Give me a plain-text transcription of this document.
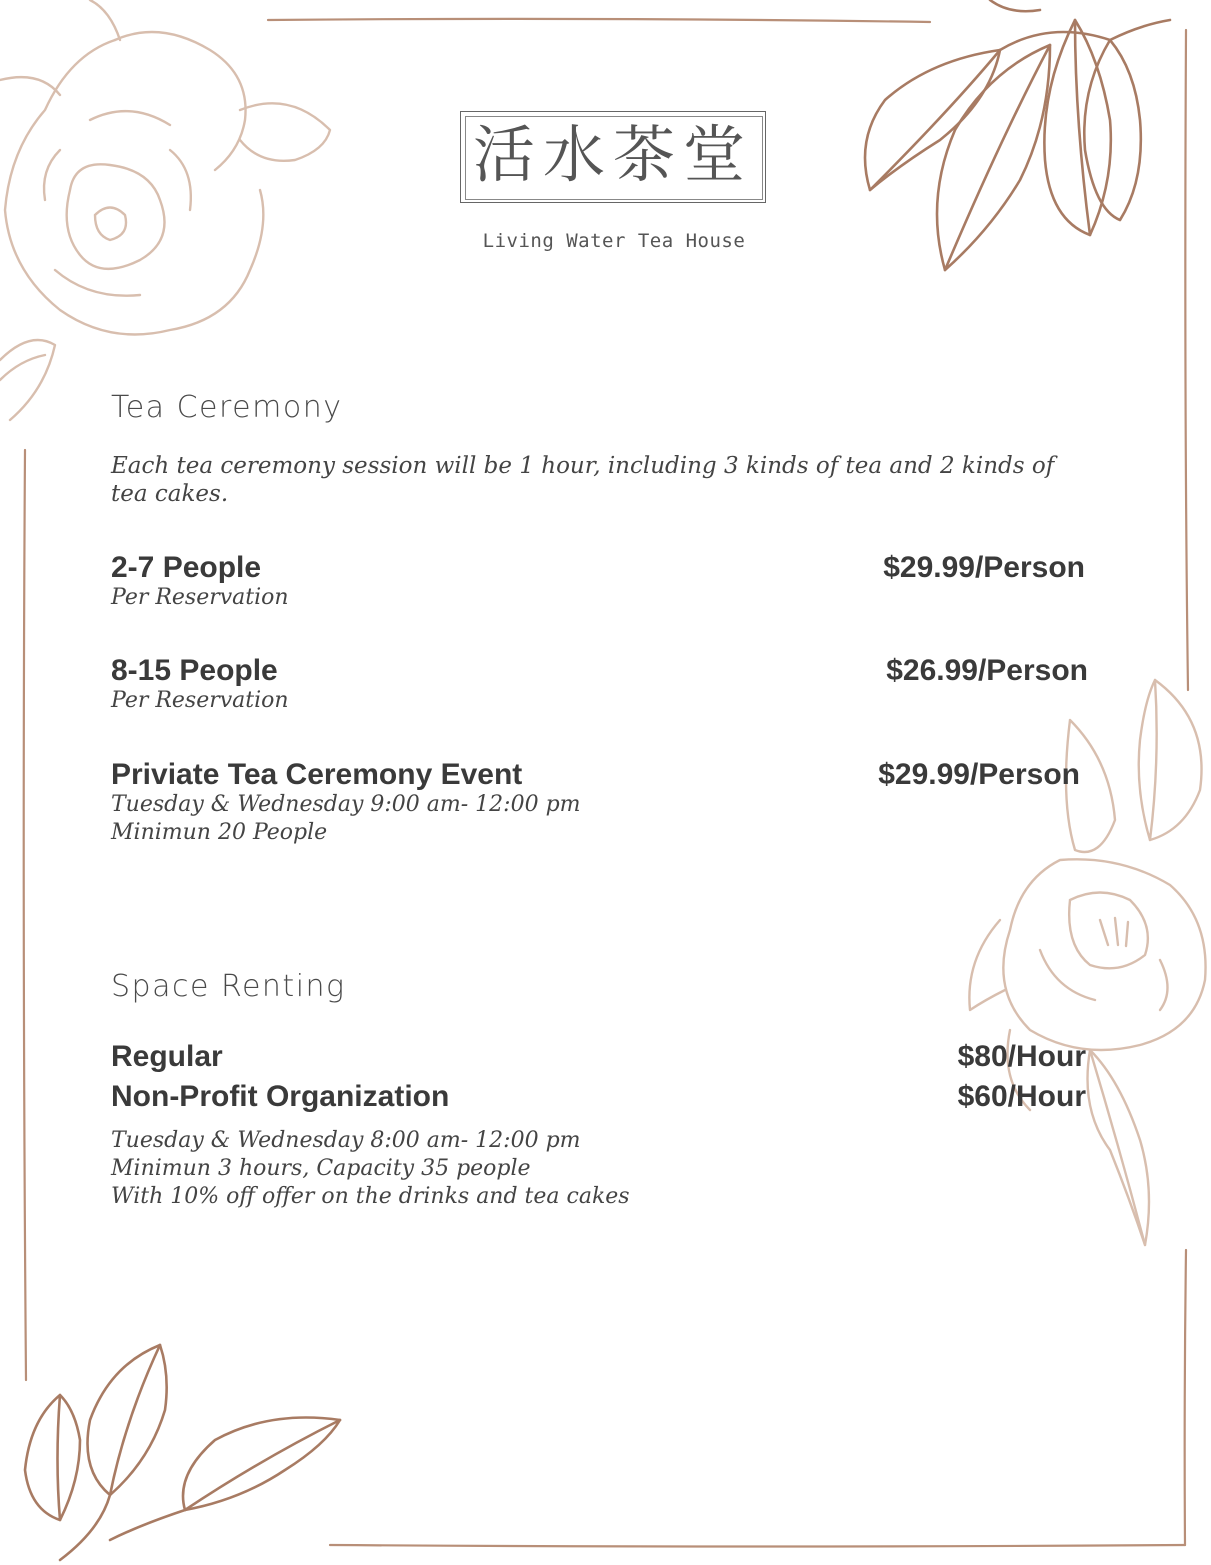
活水茶堂
Living Water Tea House
Tea Ceremony
Each tea ceremony session will be 1 hour, including 3 kinds of tea and 2 kinds of tea cakes.
2-7 People	$29.99/Person
Per Reservation
8-15 People	$26.99/Person
Per Reservation
Priviate Tea Ceremony Event	$29.99/Person
Tuesday & Wednesday 9:00 am- 12:00 pm
Minimun 20 People
Space Renting
Regular	$80/Hour
Non-Profit Organization	$60/Hour
Tuesday & Wednesday 8:00 am- 12:00 pm
Minimun 3 hours, Capacity 35 people
With 10% off offer on the drinks and tea cakes
